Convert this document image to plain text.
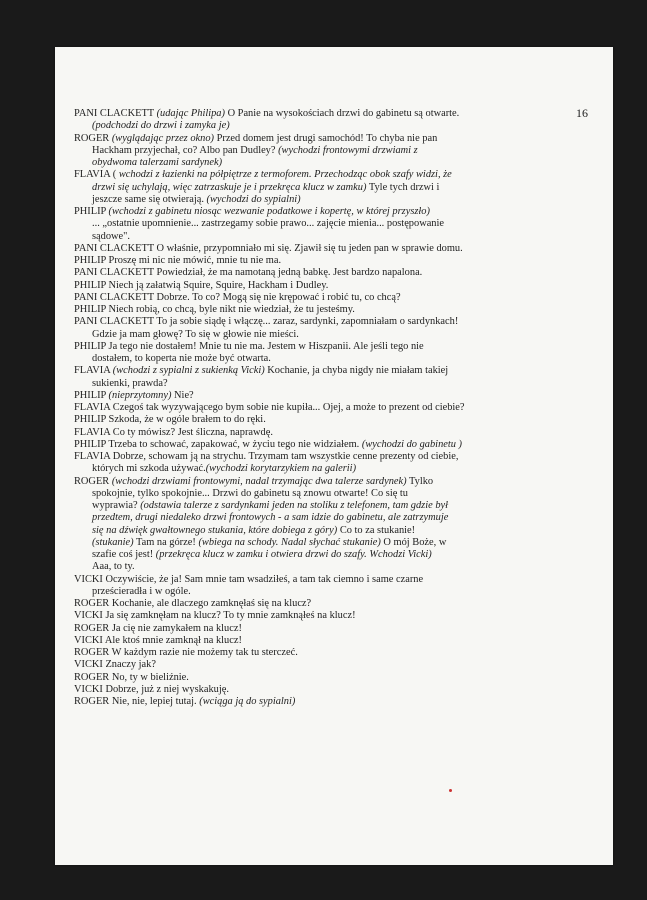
16
PANI CLACKETT (udając Philipa) O Panie na wysokościach drzwi do gabinetu są otwarte.
(podchodzi do drzwi i zamyka je)
ROGER (wyglądając przez okno) Przed domem jest drugi samochód! To chyba nie pan
Hackham przyjechał, co? Albo pan Dudley? (wychodzi frontowymi drzwiami z
obydwoma talerzami sardynek)
FLAVIA ( wchodzi z łazienki na półpiętrze z termoforem. Przechodząc obok szafy widzi, że
drzwi się uchylają, więc zatrzaskuje je i przekręca klucz w zamku) Tyle tych drzwi i
jeszcze same się otwierają. (wychodzi do sypialni)
PHILIP (wchodzi z gabinetu niosąc wezwanie podatkowe i kopertę, w której przyszło)
... „ostatnie upomnienie... zastrzegamy sobie prawo... zajęcie mienia... postępowanie
sądowe".
PANI CLACKETT O właśnie, przypomniało mi się. Zjawił się tu jeden pan w sprawie domu.
PHILIP Proszę mi nic nie mówić, mnie tu nie ma.
PANI CLACKETT Powiedział, że ma namotaną jedną babkę. Jest bardzo napalona.
PHILIP Niech ją załatwią Squire, Squire, Hackham i Dudley.
PANI CLACKETT Dobrze. To co? Mogą się nie krępować i robić tu, co chcą?
PHILIP Niech robią, co chcą, byle nikt nie wiedział, że tu jesteśmy.
PANI CLACKETT To ja sobie siądę i włączę... zaraz, sardynki, zapomniałam o sardynkach!
Gdzie ja mam głowę? To się w głowie nie mieści.
PHILIP Ja tego nie dostałem! Mnie tu nie ma. Jestem w Hiszpanii. Ale jeśli tego nie
dostałem, to koperta nie może być otwarta.
FLAVIA (wchodzi z sypialni z sukienką Vicki) Kochanie, ja chyba nigdy nie miałam takiej
sukienki, prawda?
PHILIP (nieprzytomny) Nie?
FLAVIA Czegoś tak wyzywającego bym sobie nie kupiła... Ojej, a może to prezent od ciebie?
PHILIP Szkoda, że w ogóle brałem to do ręki.
FLAVIA Co ty mówisz? Jest śliczna, naprawdę.
PHILIP Trzeba to schować, zapakować, w życiu tego nie widziałem. (wychodzi do gabinetu )
FLAVIA Dobrze, schowam ją na strychu. Trzymam tam wszystkie cenne prezenty od ciebie,
których mi szkoda używać.(wychodzi korytarzykiem na galerii)
ROGER (wchodzi drzwiami frontowymi, nadal trzymając dwa talerze sardynek) Tylko
spokojnie, tylko spokojnie... Drzwi do gabinetu są znowu otwarte! Co się tu
wyprawia? (odstawia talerze z sardynkami jeden na stoliku z telefonem, tam gdzie był
przedtem, drugi niedaleko drzwi frontowych - a sam idzie do gabinetu, ale zatrzymuje
się na dźwięk gwałtownego stukania, które dobiega z góry) Co to za stukanie!
(stukanie) Tam na górze! (wbiega na schody. Nadal słychać stukanie) O mój Boże, w
szafie coś jest! (przekręca klucz w zamku i otwiera drzwi do szafy. Wchodzi Vicki)
Aaa, to ty.
VICKI Oczywiście, że ja! Sam mnie tam wsadziłeś, a tam tak ciemno i same czarne
prześcieradła i w ogóle.
ROGER Kochanie, ale dlaczego zamknęłaś się na klucz?
VICKI Ja się zamknęłam na klucz? To ty mnie zamknąłeś na klucz!
ROGER Ja cię nie zamykałem na klucz!
VICKI Ale ktoś mnie zamknął na klucz!
ROGER W każdym razie nie możemy tak tu sterczeć.
VICKI Znaczy jak?
ROGER No, ty w bieliźnie.
VICKI Dobrze, już z niej wyskakuję.
ROGER Nie, nie, lepiej tutaj. (wciąga ją do sypialni)
